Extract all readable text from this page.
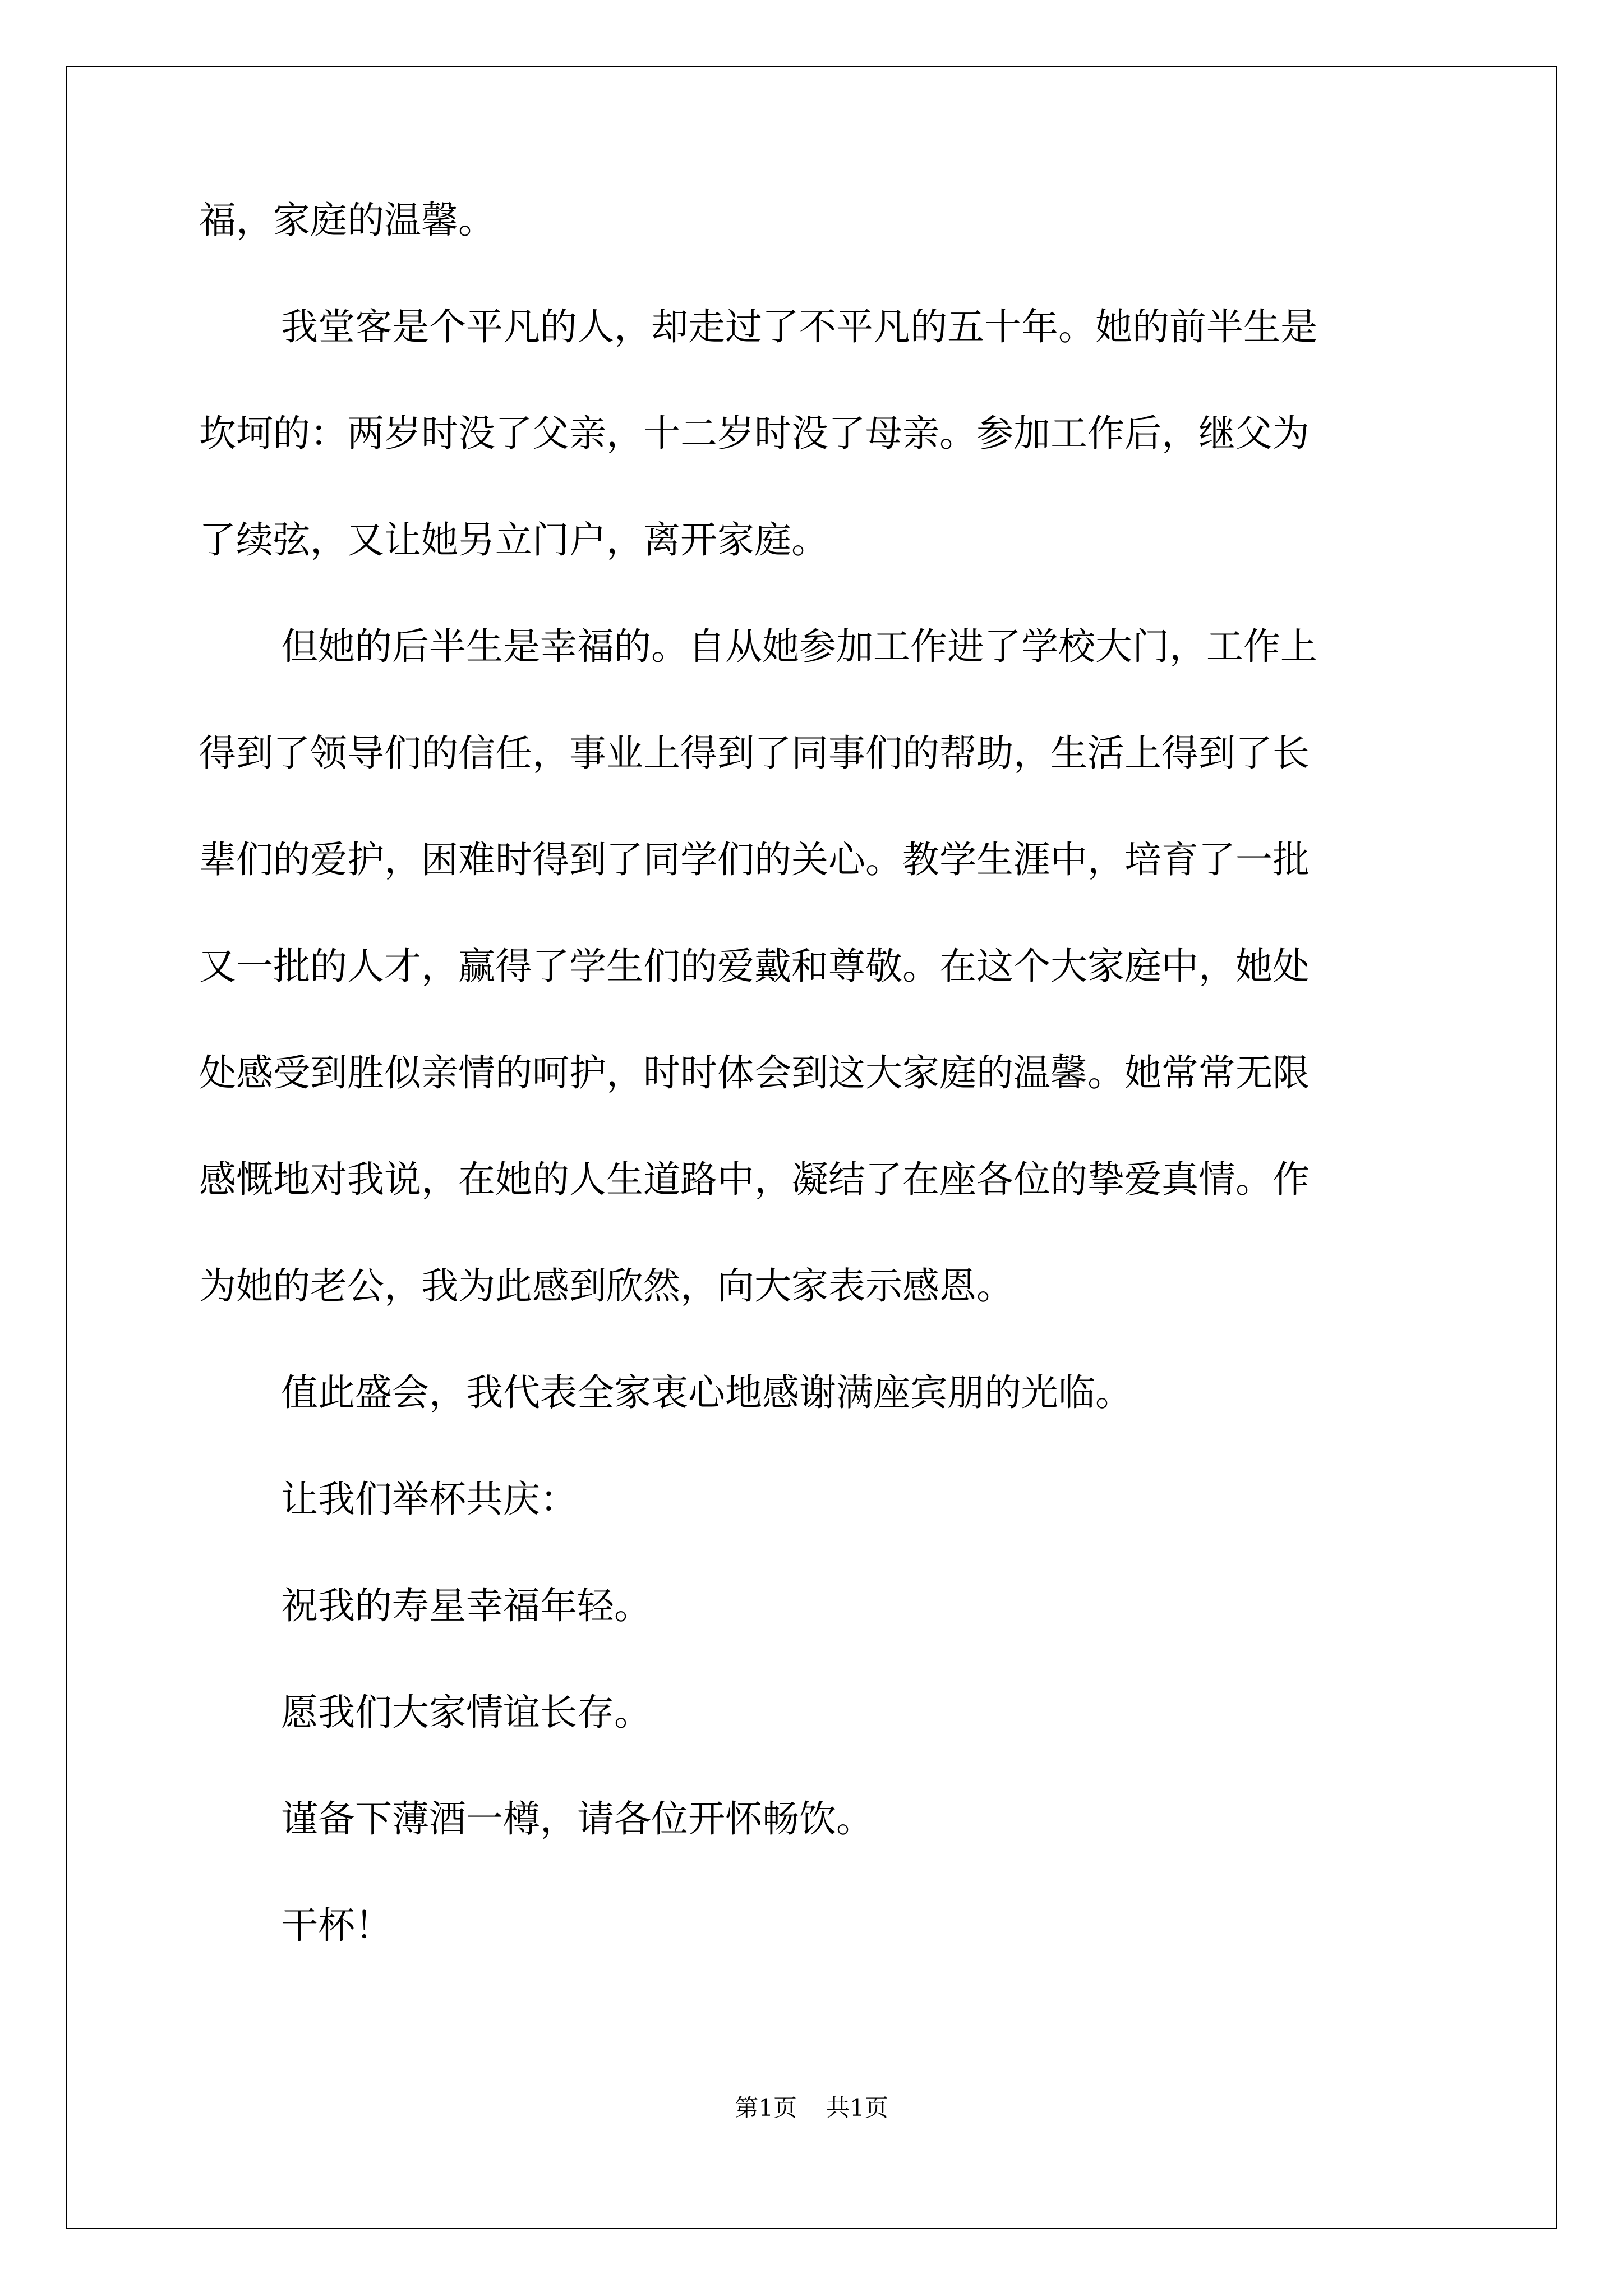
福，家庭的温馨。
我堂客是个平凡的人，却走过了不平凡的五十年。她的前半生是
坎坷的：两岁时没了父亲，十二岁时没了母亲。参加工作后，继父为
了续弦，又让她另立门户，离开家庭。
但她的后半生是幸福的。自从她参加工作进了学校大门，工作上
得到了领导们的信任，事业上得到了同事们的帮助，生活上得到了长
辈们的爱护，困难时得到了同学们的关心。教学生涯中，培育了一批
又一批的人才，赢得了学生们的爱戴和尊敬。在这个大家庭中，她处
处感受到胜似亲情的呵护，时时体会到这大家庭的温馨。她常常无限
感慨地对我说，在她的人生道路中，凝结了在座各位的挚爱真情。作
为她的老公，我为此感到欣然，向大家表示感恩。
值此盛会，我代表全家衷心地感谢满座宾朋的光临。
让我们举杯共庆：
祝我的寿星幸福年轻。
愿我们大家情谊长存。
谨备下薄酒一樽，请各位开怀畅饮。
干杯！
第1页 共1页
